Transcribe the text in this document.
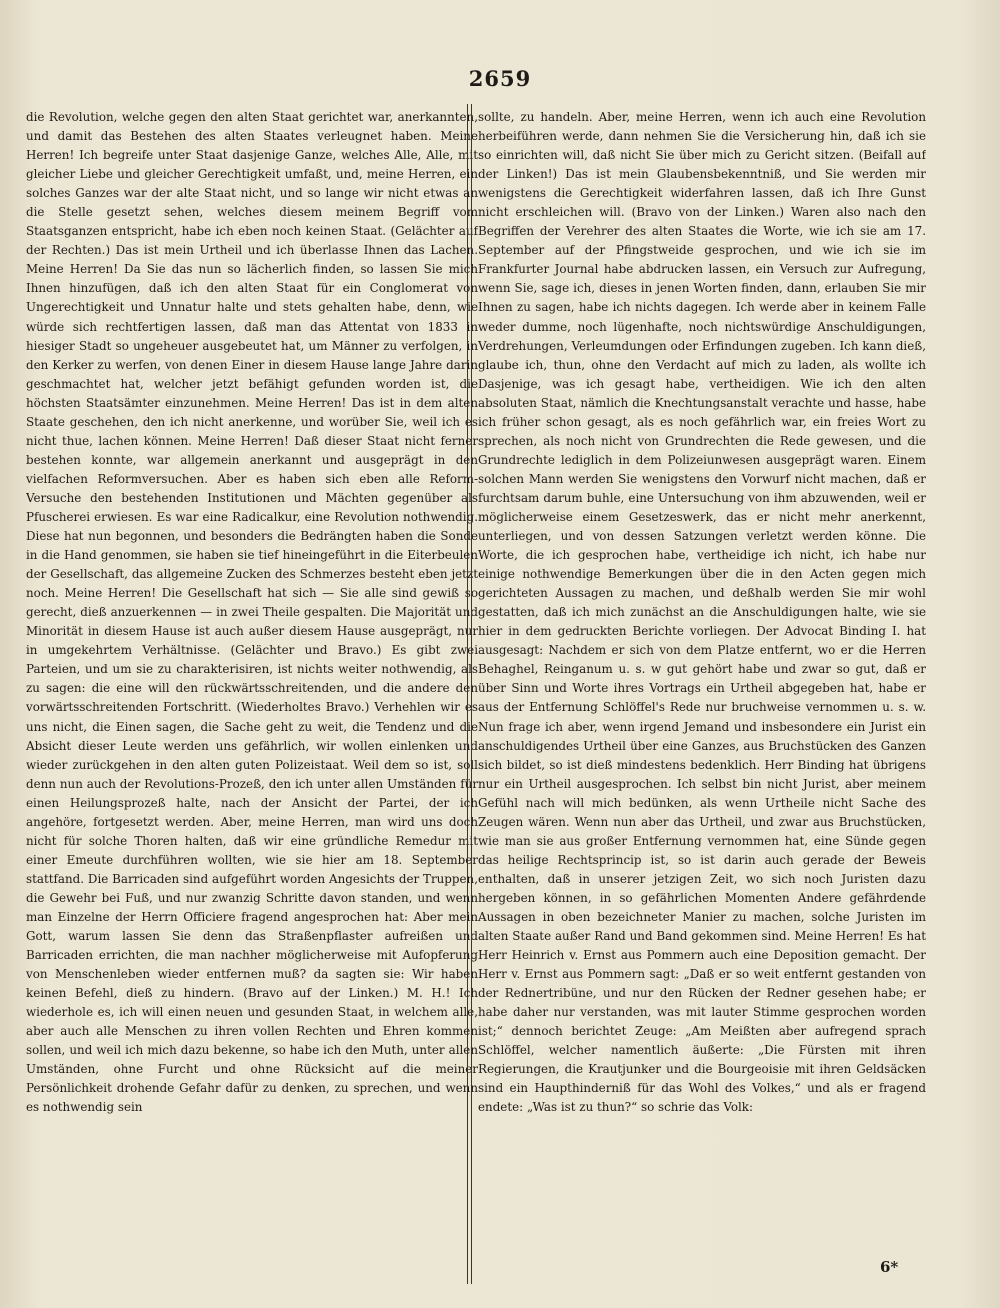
2659

die Revolution, welche gegen den alten Staat gerichtet war, anerkannten, und damit das Bestehen des alten Staates verleugnet haben. Meine Herren! Ich begreife unter Staat dasjenige Ganze, welches Alle, Alle, mit gleicher Liebe und gleicher Gerechtigkeit umfaßt, und, meine Herren, ein solches Ganzes war der alte Staat nicht, und so lange wir nicht etwas an die Stelle gesetzt sehen, welches diesem meinem Begriff vom Staatsganzen entspricht, habe ich eben noch keinen Staat. (Gelächter auf der Rechten.) Das ist mein Urtheil und ich überlasse Ihnen das Lachen. Meine Herren! Da Sie das nun so lächerlich finden, so lassen Sie mich Ihnen hinzufügen, daß ich den alten Staat für ein Conglomerat von Ungerechtigkeit und Unnatur halte und stets gehalten habe, denn, wie würde sich rechtfertigen lassen, daß man das Attentat von 1833 in hiesiger Stadt so ungeheuer ausgebeutet hat, um Männer zu verfolgen, in den Kerker zu werfen, von denen Einer in diesem Hause lange Jahre darin geschmachtet hat, welcher jetzt befähigt gefunden worden ist, die höchsten Staatsämter einzunehmen. Meine Herren! Das ist in dem alten Staate geschehen, den ich nicht anerkenne, und worüber Sie, weil ich es nicht thue, lachen können. Meine Herren! Daß dieser Staat nicht ferner bestehen konnte, war allgemein anerkannt und ausgeprägt in den vielfachen Reformversuchen. Aber es haben sich eben alle Reform-Versuche den bestehenden Institutionen und Mächten gegenüber als Pfuscherei erwiesen. Es war eine Radicalkur, eine Revolution nothwendig. Diese hat nun begonnen, und besonders die Bedrängten haben die Sonde in die Hand genommen, sie haben sie tief hineingeführt in die Eiterbeulen der Gesellschaft, das allgemeine Zucken des Schmerzes besteht eben jetzt noch. Meine Herren! Die Gesellschaft hat sich — Sie alle sind gewiß so gerecht, dieß anzuerkennen — in zwei Theile gespalten. Die Majorität und Minorität in diesem Hause ist auch außer diesem Hause ausgeprägt, nur in umgekehrtem Verhältnisse. (Gelächter und Bravo.) Es gibt zwei Parteien, und um sie zu charakterisiren, ist nichts weiter nothwendig, als zu sagen: die eine will den rückwärtsschreitenden, und die andere den vorwärtsschreitenden Fortschritt. (Wiederholtes Bravo.) Verhehlen wir es uns nicht, die Einen sagen, die Sache geht zu weit, die Tendenz und die Absicht dieser Leute werden uns gefährlich, wir wollen einlenken und wieder zurückgehen in den alten guten Polizeistaat. Weil dem so ist, soll denn nun auch der Revolutions-Prozeß, den ich unter allen Umständen für einen Heilungsprozeß halte, nach der Ansicht der Partei, der ich angehöre, fortgesetzt werden. Aber, meine Herren, man wird uns doch nicht für solche Thoren halten, daß wir eine gründliche Remedur mit einer Emeute durchführen wollten, wie sie hier am 18. September stattfand. Die Barricaden sind aufgeführt worden Angesichts der Truppen, die Gewehr bei Fuß, und nur zwanzig Schritte davon standen, und wenn man Einzelne der Herrn Officiere fragend angesprochen hat: Aber mein Gott, warum lassen Sie denn das Straßenpflaster aufreißen und Barricaden errichten, die man nachher möglicherweise mit Aufopferung von Menschenleben wieder entfernen muß? da sagten sie: Wir haben keinen Befehl, dieß zu hindern. (Bravo auf der Linken.) M. H.! Ich wiederhole es, ich will einen neuen und gesunden Staat, in welchem alle, aber auch alle Menschen zu ihren vollen Rechten und Ehren kommen sollen, und weil ich mich dazu bekenne, so habe ich den Muth, unter allen Umständen, ohne Furcht und ohne Rücksicht auf die meiner Persönlichkeit drohende Gefahr dafür zu denken, zu sprechen, und wenn es nothwendig sein

sollte, zu handeln. Aber, meine Herren, wenn ich auch eine Revolution herbeiführen werde, dann nehmen Sie die Versicherung hin, daß ich sie so einrichten will, daß nicht Sie über mich zu Gericht sitzen. (Beifall auf der Linken!) Das ist mein Glaubensbekenntniß, und Sie werden mir wenigstens die Gerechtigkeit widerfahren lassen, daß ich Ihre Gunst nicht erschleichen will. (Bravo von der Linken.) Waren also nach den Begriffen der Verehrer des alten Staates die Worte, wie ich sie am 17. September auf der Pfingstweide gesprochen, und wie ich sie im Frankfurter Journal habe abdrucken lassen, ein Versuch zur Aufregung, wenn Sie, sage ich, dieses in jenen Worten finden, dann, erlauben Sie mir Ihnen zu sagen, habe ich nichts dagegen. Ich werde aber in keinem Falle weder dumme, noch lügenhafte, noch nichtswürdige Anschuldigungen, Verdrehungen, Verleumdungen oder Erfindungen zugeben. Ich kann dieß, glaube ich, thun, ohne den Verdacht auf mich zu laden, als wollte ich Dasjenige, was ich gesagt habe, vertheidigen. Wie ich den alten absoluten Staat, nämlich die Knechtungsanstalt verachte und hasse, habe ich früher schon gesagt, als es noch gefährlich war, ein freies Wort zu sprechen, als noch nicht von Grundrechten die Rede gewesen, und die Grundrechte lediglich in dem Polizeiunwesen ausgeprägt waren. Einem solchen Mann werden Sie wenigstens den Vorwurf nicht machen, daß er furchtsam darum buhle, eine Untersuchung von ihm abzuwenden, weil er möglicherweise einem Gesetzeswerk, das er nicht mehr anerkennt, unterliegen, und von dessen Satzungen verletzt werden könne. Die Worte, die ich gesprochen habe, vertheidige ich nicht, ich habe nur einige nothwendige Bemerkungen über die in den Acten gegen mich gerichteten Aussagen zu machen, und deßhalb werden Sie mir wohl gestatten, daß ich mich zunächst an die Anschuldigungen halte, wie sie hier in dem gedruckten Berichte vorliegen. Der Advocat Binding I. hat ausgesagt: Nachdem er sich von dem Platze entfernt, wo er die Herren Behaghel, Reinganum u. s. w gut gehört habe und zwar so gut, daß er über Sinn und Worte ihres Vortrags ein Urtheil abgegeben hat, habe er aus der Entfernung Schlöffel's Rede nur bruchweise vernommen u. s. w. Nun frage ich aber, wenn irgend Jemand und insbesondere ein Jurist ein anschuldigendes Urtheil über eine Ganzes, aus Bruchstücken des Ganzen sich bildet, so ist dieß mindestens bedenklich. Herr Binding hat übrigens nur ein Urtheil ausgesprochen. Ich selbst bin nicht Jurist, aber meinem Gefühl nach will mich bedünken, als wenn Urtheile nicht Sache des Zeugen wären. Wenn nun aber das Urtheil, und zwar aus Bruchstücken, wie man sie aus großer Entfernung vernommen hat, eine Sünde gegen das heilige Rechtsprincip ist, so ist darin auch gerade der Beweis enthalten, daß in unserer jetzigen Zeit, wo sich noch Juristen dazu hergeben können, in so gefährlichen Momenten Andere gefährdende Aussagen in oben bezeichneter Manier zu machen, solche Juristen im alten Staate außer Rand und Band gekommen sind. Meine Herren! Es hat Herr Heinrich v. Ernst aus Pommern auch eine Deposition gemacht. Der Herr v. Ernst aus Pommern sagt: „Daß er so weit entfernt gestanden von der Rednertribüne, und nur den Rücken der Redner gesehen habe; er habe daher nur verstanden, was mit lauter Stimme gesprochen worden ist;“ dennoch berichtet Zeuge: „Am Meißten aber aufregend sprach Schlöffel, welcher namentlich äußerte: „Die Fürsten mit ihren Regierungen, die Krautjunker und die Bourgeoisie mit ihren Geldsäcken sind ein Haupthinderniß für das Wohl des Volkes,“ und als er fragend endete: „Was ist zu thun?“ so schrie das Volk:

6*
